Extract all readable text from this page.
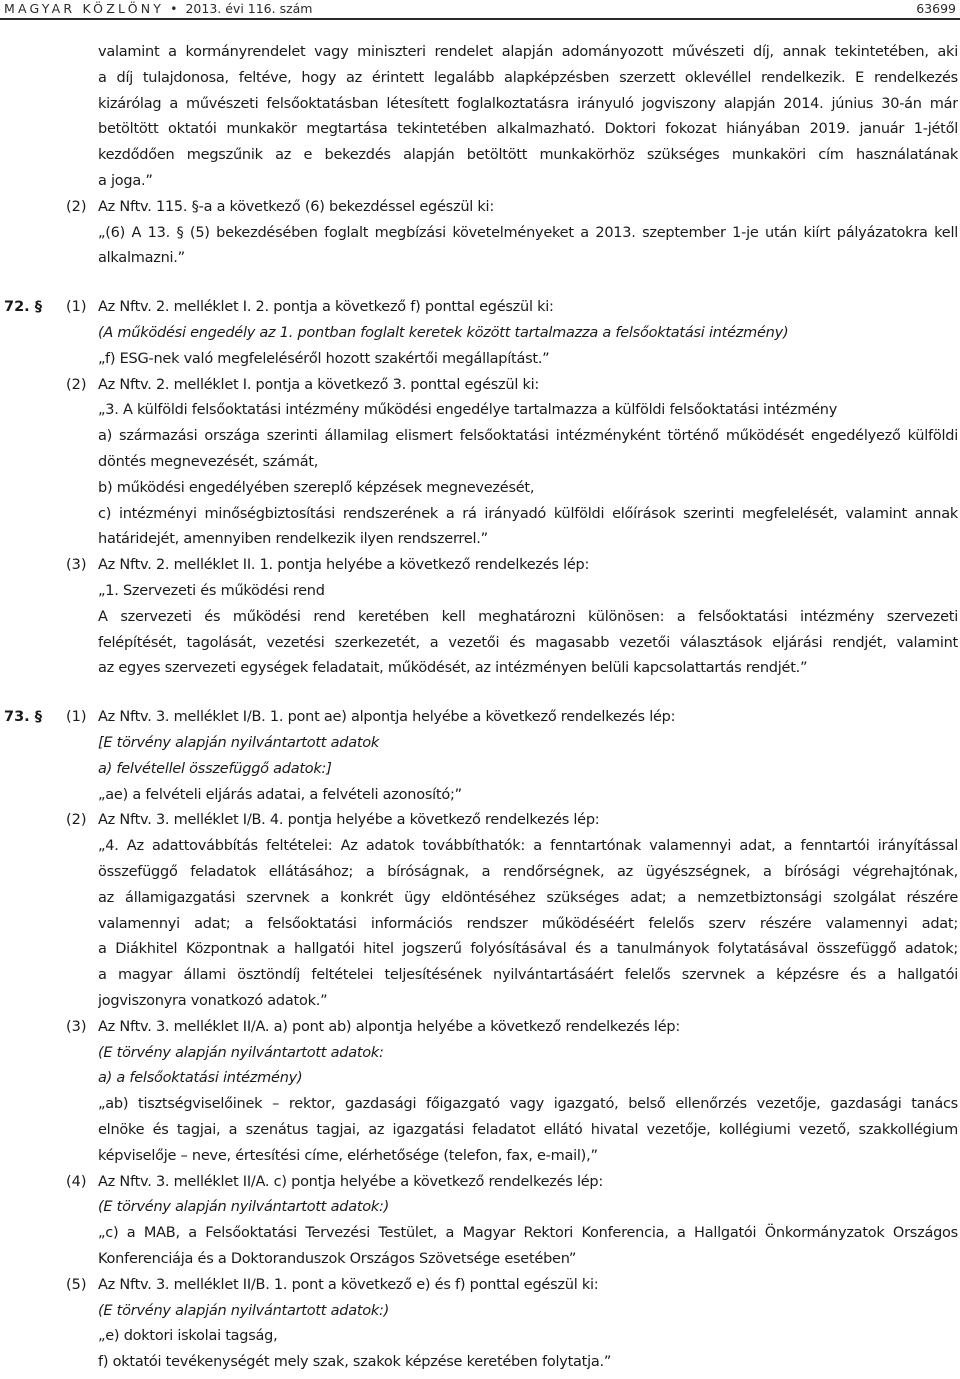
MAGYAR KÖZLÖNY • 2013. évi 116. szám	63699
valamint a kormányrendelet vagy miniszteri rendelet alapján adományozott művészeti díj, annak tekintetében, aki
a díj tulajdonosa, feltéve, hogy az érintett legalább alapképzésben szerzett oklevéllel rendelkezik. E rendelkezés
kizárólag a művészeti felsőoktatásban létesített foglalkoztatásra irányuló jogviszony alapján 2014. június 30-án már
betöltött oktatói munkakör megtartása tekintetében alkalmazható. Doktori fokozat hiányában 2019. január 1-jétől
kezdődően megszűnik az e bekezdés alapján betöltött munkakörhöz szükséges munkaköri cím használatának
a joga.”
(2) Az Nftv. 115. §-a a következő (6) bekezdéssel egészül ki:
„(6) A 13. § (5) bekezdésében foglalt megbízási követelményeket a 2013. szeptember 1-je után kiírt pályázatokra kell
alkalmazni.”
72. § (1) Az Nftv. 2. melléklet I. 2. pontja a következő f) ponttal egészül ki:
(A működési engedély az 1. pontban foglalt keretek között tartalmazza a felsőoktatási intézmény)
„f) ESG-nek való megfeleléséről hozott szakértői megállapítást.”
(2) Az Nftv. 2. melléklet I. pontja a következő 3. ponttal egészül ki:
„3. A külföldi felsőoktatási intézmény működési engedélye tartalmazza a külföldi felsőoktatási intézmény
a) származási országa szerinti államilag elismert felsőoktatási intézményként történő működését engedélyező külföldi
döntés megnevezését, számát,
b) működési engedélyében szereplő képzések megnevezését,
c) intézményi minőségbiztosítási rendszerének a rá irányadó külföldi előírások szerinti megfelelését, valamint annak
határidejét, amennyiben rendelkezik ilyen rendszerrel.”
(3) Az Nftv. 2. melléklet II. 1. pontja helyébe a következő rendelkezés lép:
„1. Szervezeti és működési rend
A szervezeti és működési rend keretében kell meghatározni különösen: a felsőoktatási intézmény szervezeti
felépítését, tagolását, vezetési szerkezetét, a vezetői és magasabb vezetői választások eljárási rendjét, valamint
az egyes szervezeti egységek feladatait, működését, az intézményen belüli kapcsolattartás rendjét.”
73. § (1) Az Nftv. 3. melléklet I/B. 1. pont ae) alpontja helyébe a következő rendelkezés lép:
[E törvény alapján nyilvántartott adatok
a) felvétellel összefüggő adatok:]
„ae) a felvételi eljárás adatai, a felvételi azonosító;”
(2) Az Nftv. 3. melléklet I/B. 4. pontja helyébe a következő rendelkezés lép:
„4. Az adattovábbítás feltételei: Az adatok továbbíthatók: a fenntartónak valamennyi adat, a fenntartói irányítással
összefüggő feladatok ellátásához; a bíróságnak, a rendőrségnek, az ügyészségnek, a bírósági végrehajtónak,
az államigazgatási szervnek a konkrét ügy eldöntéséhez szükséges adat; a nemzetbiztonsági szolgálat részére
valamennyi adat; a felsőoktatási információs rendszer működéséért felelős szerv részére valamennyi adat;
a Diákhitel Központnak a hallgatói hitel jogszerű folyósításával és a tanulmányok folytatásával összefüggő adatok;
a magyar állami ösztöndíj feltételei teljesítésének nyilvántartásáért felelős szervnek a képzésre és a hallgatói
jogviszonyra vonatkozó adatok.”
(3) Az Nftv. 3. melléklet II/A. a) pont ab) alpontja helyébe a következő rendelkezés lép:
(E törvény alapján nyilvántartott adatok:
a) a felsőoktatási intézmény)
„ab) tisztségviselőinek – rektor, gazdasági főigazgató vagy igazgató, belső ellenőrzés vezetője, gazdasági tanács
elnöke és tagjai, a szenátus tagjai, az igazgatási feladatot ellátó hivatal vezetője, kollégiumi vezető, szakkollégium
képviselője – neve, értesítési címe, elérhetősége (telefon, fax, e-mail),”
(4) Az Nftv. 3. melléklet II/A. c) pontja helyébe a következő rendelkezés lép:
(E törvény alapján nyilvántartott adatok:)
„c) a MAB, a Felsőoktatási Tervezési Testület, a Magyar Rektori Konferencia, a Hallgatói Önkormányzatok Országos
Konferenciája és a Doktoranduszok Országos Szövetsége esetében”
(5) Az Nftv. 3. melléklet II/B. 1. pont a következő e) és f) ponttal egészül ki:
(E törvény alapján nyilvántartott adatok:)
„e) doktori iskolai tagság,
f) oktatói tevékenységét mely szak, szakok képzése keretében folytatja.”
